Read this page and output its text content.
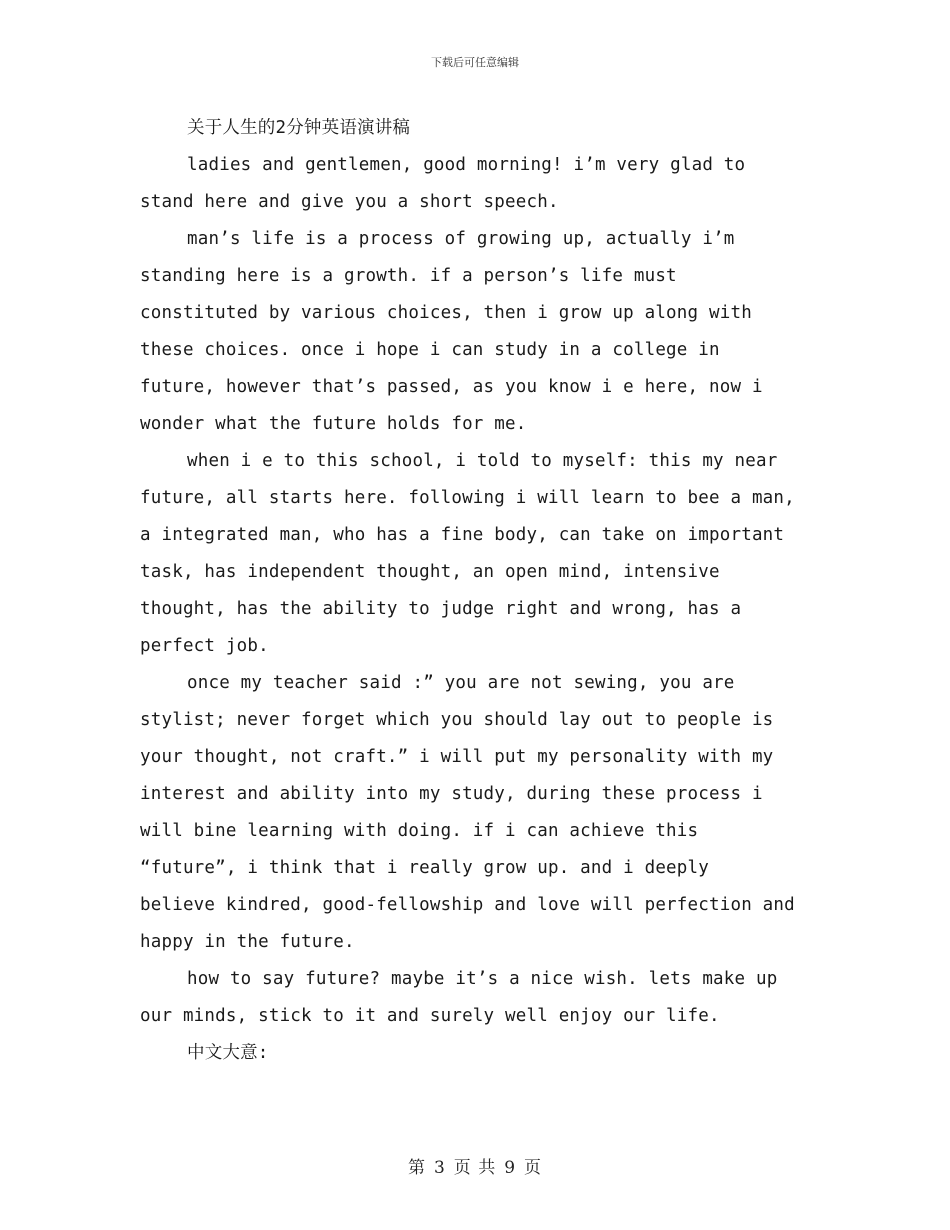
下载后可任意编辑
关于人生的2分钟英语演讲稿
ladies and gentlemen, good morning! i’m very glad to
stand here and give you a short speech.
man’s life is a process of growing up, actually i’m
standing here is a growth. if a person’s life must
constituted by various choices, then i grow up along with
these choices. once i hope i can study in a college in
future, however that’s passed, as you know i e here, now i
wonder what the future holds for me.
when i e to this school, i told to myself: this my near
future, all starts here. following i will learn to bee a man,
a integrated man, who has a fine body, can take on important
task, has independent thought, an open mind, intensive
thought, has the ability to judge right and wrong, has a
perfect job.
once my teacher said :” you are not sewing, you are
stylist; never forget which you should lay out to people is
your thought, not craft.” i will put my personality with my
interest and ability into my study, during these process i
will bine learning with doing. if i can achieve this
“future”, i think that i really grow up. and i deeply
believe kindred, good-fellowship and love will perfection and
happy in the future.
how to say future? maybe it’s a nice wish. lets make up
our minds, stick to it and surely well enjoy our life.
中文大意:
第 3 页 共 9 页
